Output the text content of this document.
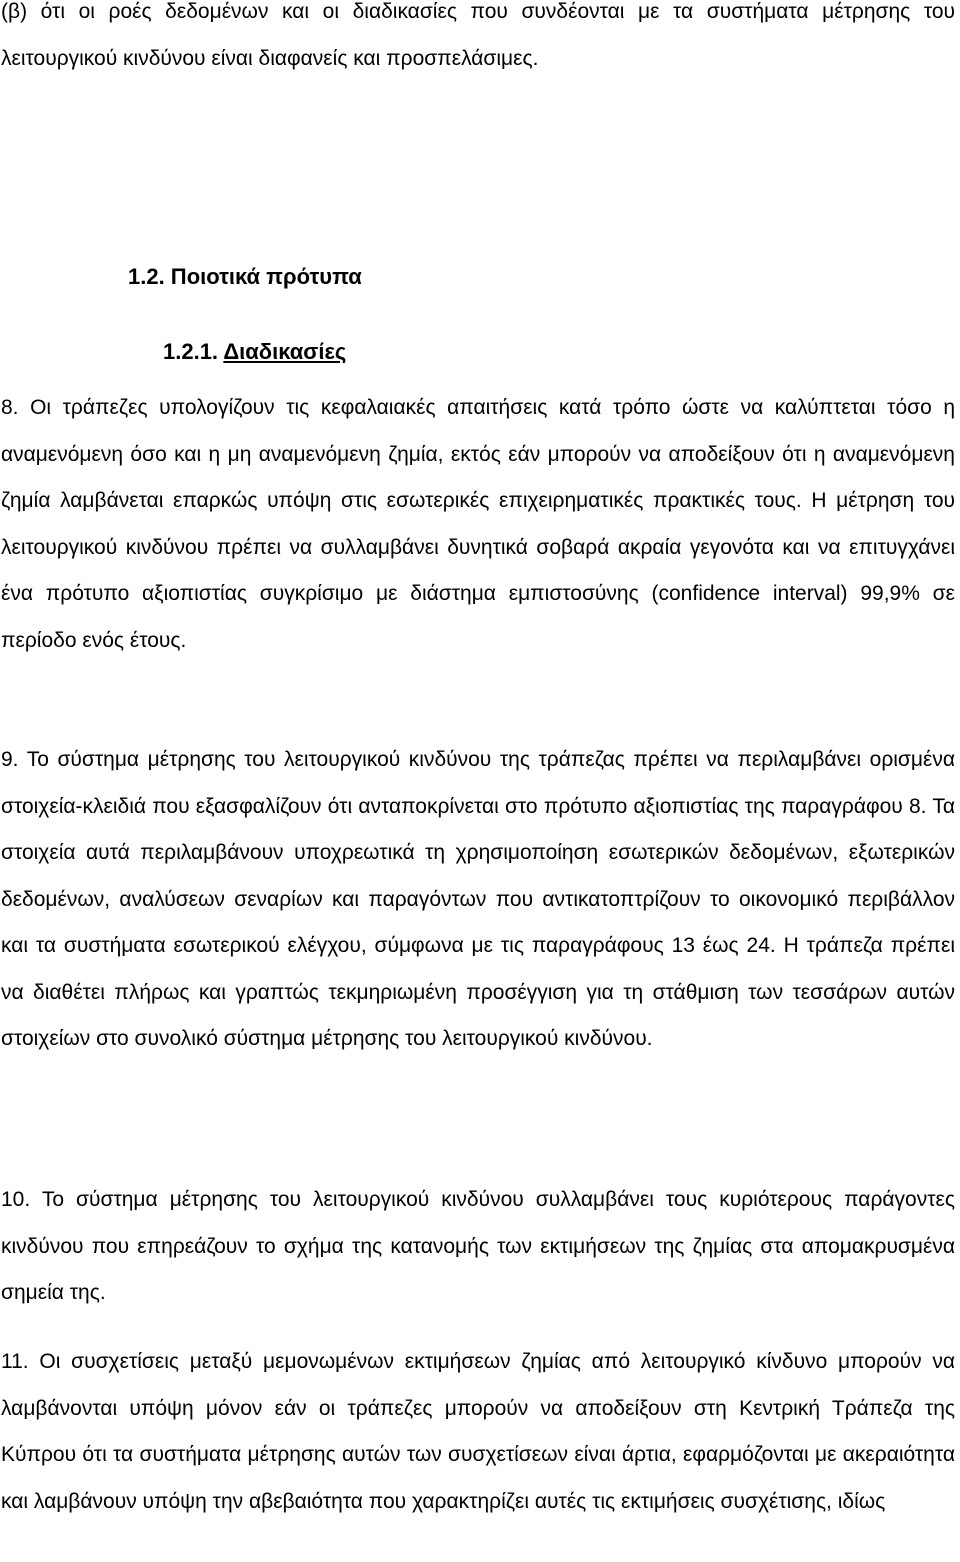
(β) ότι οι ροές δεδομένων και οι διαδικασίες που συνδέονται με τα συστήματα μέτρησης του λειτουργικού κινδύνου είναι διαφανείς και προσπελάσιμες.

1.2. Ποιοτικά πρότυπα
1.2.1. Διαδικασίες

8. Οι τράπεζες υπολογίζουν τις κεφαλαιακές απαιτήσεις κατά τρόπο ώστε να καλύπτεται τόσο η αναμενόμενη όσο και η μη αναμενόμενη ζημία, εκτός εάν μπορούν να αποδείξουν ότι η αναμενόμενη ζημία λαμβάνεται επαρκώς υπόψη στις εσωτερικές επιχειρηματικές πρακτικές τους. Η μέτρηση του λειτουργικού κινδύνου πρέπει να συλλαμβάνει δυνητικά σοβαρά ακραία γεγονότα και να επιτυγχάνει ένα πρότυπο αξιοπιστίας συγκρίσιμο με διάστημα εμπιστοσύνης (confidence interval) 99,9% σε περίοδο ενός έτους.

9. Το σύστημα μέτρησης του λειτουργικού κινδύνου της τράπεζας πρέπει να περιλαμβάνει ορισμένα στοιχεία-κλειδιά που εξασφαλίζουν ότι ανταποκρίνεται στο πρότυπο αξιοπιστίας της παραγράφου 8. Τα στοιχεία αυτά περιλαμβάνουν υποχρεωτικά τη χρησιμοποίηση εσωτερικών δεδομένων, εξωτερικών δεδομένων, αναλύσεων σεναρίων και παραγόντων που αντικατοπτρίζουν το οικονομικό περιβάλλον και τα συστήματα εσωτερικού ελέγχου, σύμφωνα με τις παραγράφους 13 έως 24. Η τράπεζα πρέπει να διαθέτει πλήρως και γραπτώς τεκμηριωμένη προσέγγιση για τη στάθμιση των τεσσάρων αυτών στοιχείων στο συνολικό σύστημα μέτρησης του λειτουργικού κινδύνου.

10. Το σύστημα μέτρησης του λειτουργικού κινδύνου συλλαμβάνει τους κυριότερους παράγοντες κινδύνου που επηρεάζουν το σχήμα της κατανομής των εκτιμήσεων της ζημίας στα απομακρυσμένα σημεία της.

11. Οι συσχετίσεις μεταξύ μεμονωμένων εκτιμήσεων ζημίας από λειτουργικό κίνδυνο μπορούν να λαμβάνονται υπόψη μόνον εάν οι τράπεζες μπορούν να αποδείξουν στη Κεντρική Τράπεζα της Κύπρου ότι τα συστήματα μέτρησης αυτών των συσχετίσεων είναι άρτια, εφαρμόζονται με ακεραιότητα και λαμβάνουν υπόψη την αβεβαιότητα που χαρακτηρίζει αυτές τις εκτιμήσεις συσχέτισης, ιδίως
